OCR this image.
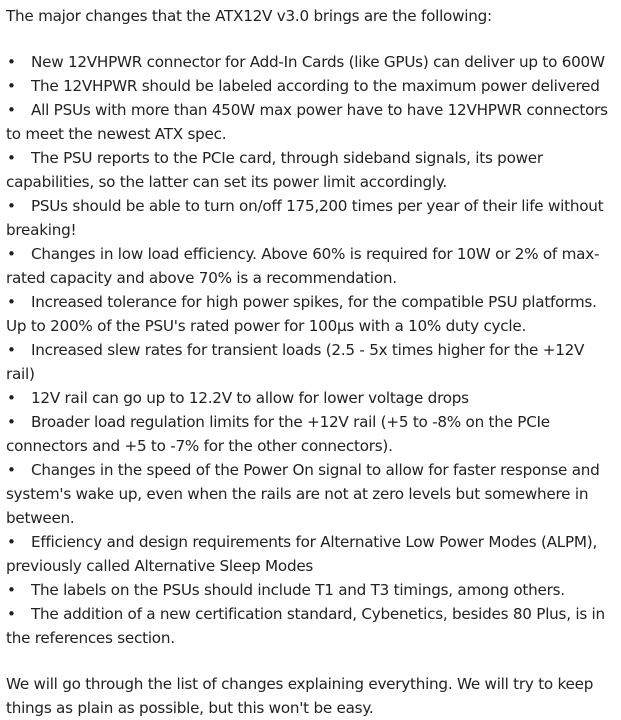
The major changes that the ATX12V v3.0 brings are the following:

• New 12VHPWR connector for Add-In Cards (like GPUs) can deliver up to 600W
• The 12VHPWR should be labeled according to the maximum power delivered
• All PSUs with more than 450W max power have to have 12VHPWR connectors to meet the newest ATX spec.
• The PSU reports to the PCIe card, through sideband signals, its power capabilities, so the latter can set its power limit accordingly.
• PSUs should be able to turn on/off 175,200 times per year of their life without breaking!
• Changes in low load efficiency. Above 60% is required for 10W or 2% of max-rated capacity and above 70% is a recommendation.
• Increased tolerance for high power spikes, for the compatible PSU platforms. Up to 200% of the PSU's rated power for 100μs with a 10% duty cycle.
• Increased slew rates for transient loads (2.5 - 5x times higher for the +12V rail)
• 12V rail can go up to 12.2V to allow for lower voltage drops
• Broader load regulation limits for the +12V rail (+5 to -8% on the PCIe connectors and +5 to -7% for the other connectors).
• Changes in the speed of the Power On signal to allow for faster response and system's wake up, even when the rails are not at zero levels but somewhere in between.
• Efficiency and design requirements for Alternative Low Power Modes (ALPM), previously called Alternative Sleep Modes
• The labels on the PSUs should include T1 and T3 timings, among others.
• The addition of a new certification standard, Cybenetics, besides 80 Plus, is in the references section.

We will go through the list of changes explaining everything. We will try to keep things as plain as possible, but this won't be easy.
